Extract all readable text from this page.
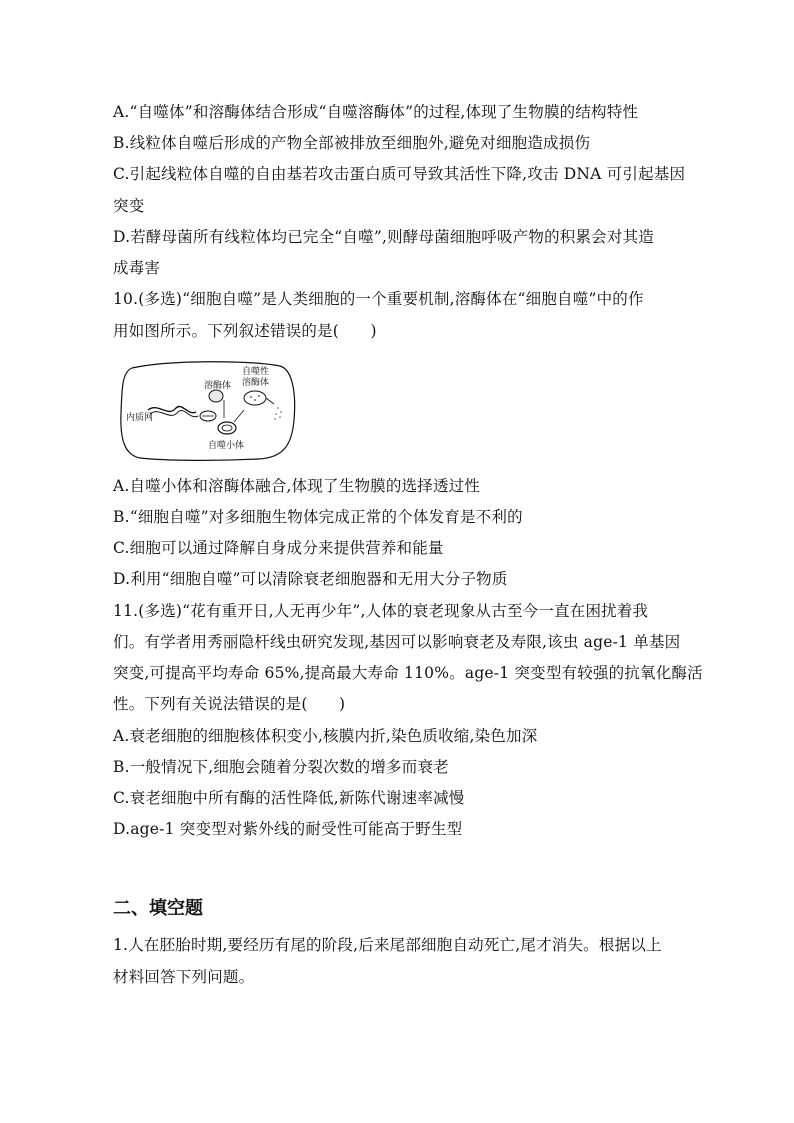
A.“自噬体”和溶酶体结合形成“自噬溶酶体”的过程,体现了生物膜的结构特性
B.线粒体自噬后形成的产物全部被排放至细胞外,避免对细胞造成损伤
C.引起线粒体自噬的自由基若攻击蛋白质可导致其活性下降,攻击 DNA 可引起基因
突变
D.若酵母菌所有线粒体均已完全“自噬”,则酵母菌细胞呼吸产物的积累会对其造
成毒害
10.(多选)“细胞自噬”是人类细胞的一个重要机制,溶酶体在“细胞自噬”中的作
用如图所示。下列叙述错误的是(　　)
内质网
溶酶体
自噬性
溶酶体
自噬小体
A.自噬小体和溶酶体融合,体现了生物膜的选择透过性
B.“细胞自噬”对多细胞生物体完成正常的个体发育是不利的
C.细胞可以通过降解自身成分来提供营养和能量
D.利用“细胞自噬”可以清除衰老细胞器和无用大分子物质
11.(多选)“花有重开日,人无再少年”,人体的衰老现象从古至今一直在困扰着我
们。有学者用秀丽隐杆线虫研究发现,基因可以影响衰老及寿限,该虫 age-1 单基因
突变,可提高平均寿命 65%,提高最大寿命 110%。age-1 突变型有较强的抗氧化酶活
性。下列有关说法错误的是(　　)
A.衰老细胞的细胞核体积变小,核膜内折,染色质收缩,染色加深
B.一般情况下,细胞会随着分裂次数的增多而衰老
C.衰老细胞中所有酶的活性降低,新陈代谢速率减慢
D.age-1 突变型对紫外线的耐受性可能高于野生型
二、填空题
1.人在胚胎时期,要经历有尾的阶段,后来尾部细胞自动死亡,尾才消失。根据以上
材料回答下列问题。
